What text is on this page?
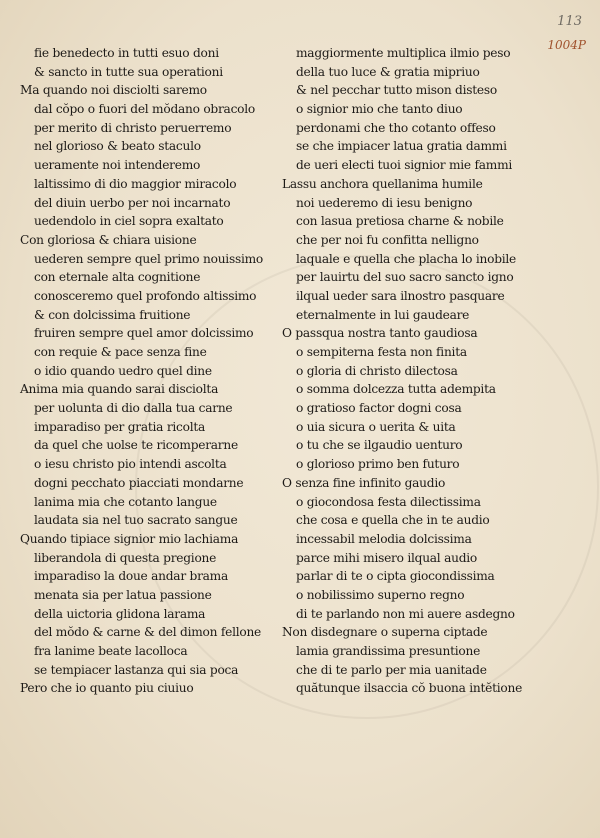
113
1004P
fie benedecto in tutti esuo doni
& sancto in tutte sua operationi
Ma quando noi disciolti saremo
dal cŏpo o fuori del mŏdano obracolo
per merito di christo peruerremo
nel glorioso & beato staculo
ueramente noi intenderemo
laltissimo di dio maggior miracolo
del diuin uerbo per noi incarnato
uedendolo in ciel sopra exaltato
Con gloriosa & chiara uisione
uederen sempre quel primo nouissimo
con eternale alta cognitione
conosceremo quel profondo altissimo
& con dolcissima fruitione
fruiren sempre quel amor dolcissimo
con requie & pace senza fine
o idio quando uedro quel dine
Anima mia quando sarai disciolta
per uolunta di dio dalla tua carne
imparadiso per gratia ricolta
da quel che uolse te ricomperarne
o iesu christo pio intendi ascolta
dogni pecchato piacciati mondarne
lanima mia che cotanto langue
laudata sia nel tuo sacrato sangue
Quando tipiace signior mio lachiama
liberandola di questa pregione
imparadiso la doue andar brama
menata sia per latua passione
della uictoria glidona larama
del mŏdo & carne & del dimon fellone
fra lanime beate lacolloca
se tempiacer lastanza qui sia poca
Pero che io quanto piu ciuiuo
maggiormente multiplica ilmio peso
della tuo luce & gratia mipriuo
& nel pecchar tutto mison disteso
o signior mio che tanto diuo
perdonami che tho cotanto offeso
se che impiacer latua gratia dammi
de ueri electi tuoi signior mie fammi
Lassu anchora quellanima humile
noi uederemo di iesu benigno
con lasua pretiosa charne & nobile
che per noi fu confitta nelligno
laquale e quella che placha lo inobile
per lauirtu del suo sacro sancto igno
ilqual ueder sara ilnostro pasquare
eternalmente in lui gaudeare
O passqua nostra tanto gaudiosa
o sempiterna festa non finita
o gloria di christo dilectosa
o somma dolcezza tutta adempita
o gratioso factor dogni cosa
o uia sicura o uerita & uita
o tu che se ilgaudio uenturo
o glorioso primo ben futuro
O senza fine infinito gaudio
o giocondosa festa dilectissima
che cosa e quella che in te audio
incessabil melodia dolcissima
parce mihi misero ilqual audio
parlar di te o cipta giocondissima
o nobilissimo superno regno
di te parlando non mi auere asdegno
Non disdegnare o superna ciptade
lamia grandissima presuntione
che di te parlo per mia uanitade
quătunque ilsaccia cŏ buona intĕtione
